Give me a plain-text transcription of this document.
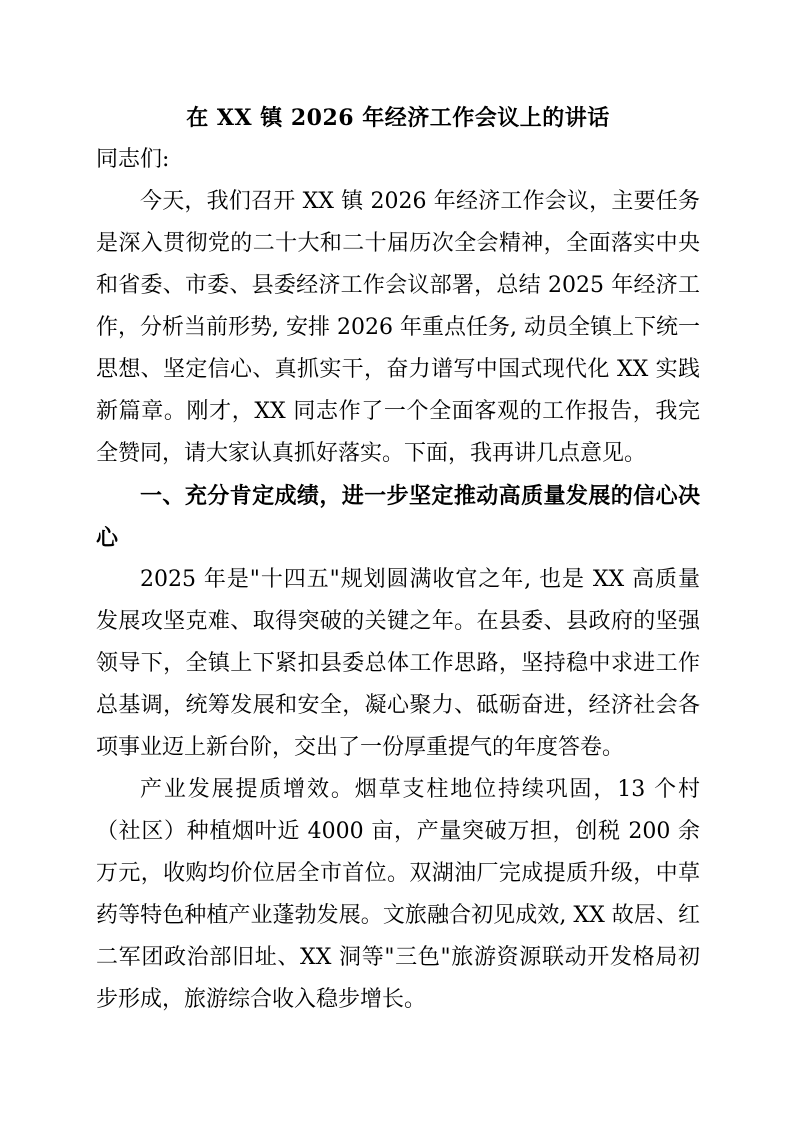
在 XX 镇 2026 年经济工作会议上的讲话

同志们:

今天，我们召开 XX 镇 2026 年经济工作会议，主要任务是深入贯彻党的二十大和二十届历次全会精神，全面落实中央和省委、市委、县委经济工作会议部署，总结 2025 年经济工作，分析当前形势, 安排 2026 年重点任务, 动员全镇上下统一思想、坚定信心、真抓实干，奋力谱写中国式现代化 XX 实践新篇章。刚才，XX 同志作了一个全面客观的工作报告，我完全赞同，请大家认真抓好落实。下面，我再讲几点意见。

一、充分肯定成绩，进一步坚定推动高质量发展的信心决心

2025 年是"十四五"规划圆满收官之年, 也是 XX 高质量发展攻坚克难、取得突破的关键之年。在县委、县政府的坚强领导下，全镇上下紧扣县委总体工作思路，坚持稳中求进工作总基调，统筹发展和安全，凝心聚力、砥砺奋进，经济社会各项事业迈上新台阶，交出了一份厚重提气的年度答卷。

产业发展提质增效。烟草支柱地位持续巩固，13 个村（社区）种植烟叶近 4000 亩，产量突破万担，创税 200 余万元，收购均价位居全市首位。双湖油厂完成提质升级，中草药等特色种植产业蓬勃发展。文旅融合初见成效, XX 故居、红二军团政治部旧址、XX 洞等"三色"旅游资源联动开发格局初步形成，旅游综合收入稳步增长。
